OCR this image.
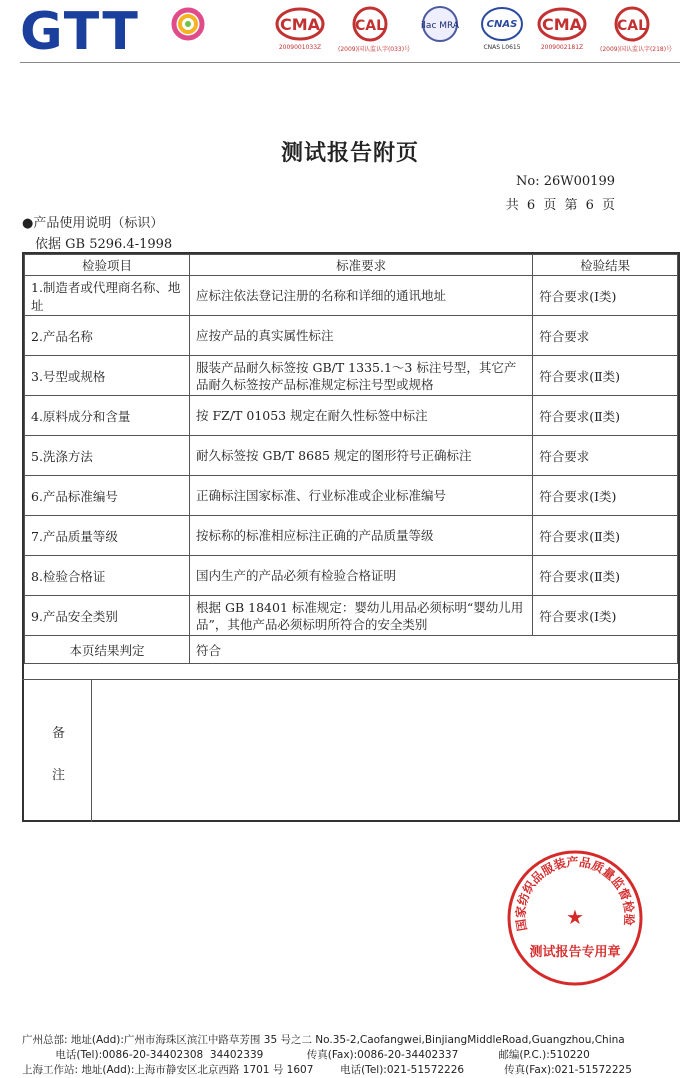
GTT	CMA
2009001033Z
CAL
(2009)国认监认字(033)号
ilac MRA	CNAS
CNAS L0615
CMA
2009002181Z
CAL
(2009)国认监认字(218)号
测试报告附页
No: 26W00199
共 6 页 第 6 页
●产品使用说明（标识）
依据 GB 5296.4-1998
检验项目	标准要求	检验结果
1.制造者或代理商名称、地址	应标注依法登记注册的名称和详细的通讯地址	符合要求(Ⅰ类)
2.产品名称	应按产品的真实属性标注	符合要求
3.号型或规格	服装产品耐久标签按 GB/T 1335.1～3 标注号型，其它产品耐久标签按产品标准规定标注号型或规格	符合要求(Ⅱ类)
4.原料成分和含量	按 FZ/T 01053 规定在耐久性标签中标注	符合要求(Ⅱ类)
5.洗涤方法	耐久标签按 GB/T 8685 规定的图形符号正确标注	符合要求
6.产品标准编号	正确标注国家标准、行业标准或企业标准编号	符合要求(Ⅰ类)
7.产品质量等级	按标称的标准相应标注正确的产品质量等级	符合要求(Ⅱ类)
8.检验合格证	国内生产的产品必须有检验合格证明	符合要求(Ⅱ类)
9.产品安全类别	根据 GB 18401 标准规定：婴幼儿用品必须标明“婴幼儿用品”，其他产品必须标明所符合的安全类别	符合要求(Ⅰ类)
本页结果判定	符合	
备
注
国家纺织品服装产品质量监督检验
★
测试报告专用章
广州总部: 地址(Add):广州市海珠区滨江中路草芳围 35 号之二 No.35-2,Caofangwei,BinjiangMiddleRoad,Guangzhou,China
电话(Tel):0086-20-34402308  34402339             传真(Fax):0086-20-34402337            邮编(P.C.):510220
上海工作站: 地址(Add):上海市静安区北京西路 1701 号 1607        电话(Tel):021-51572226            传真(Fax):021-51572225
